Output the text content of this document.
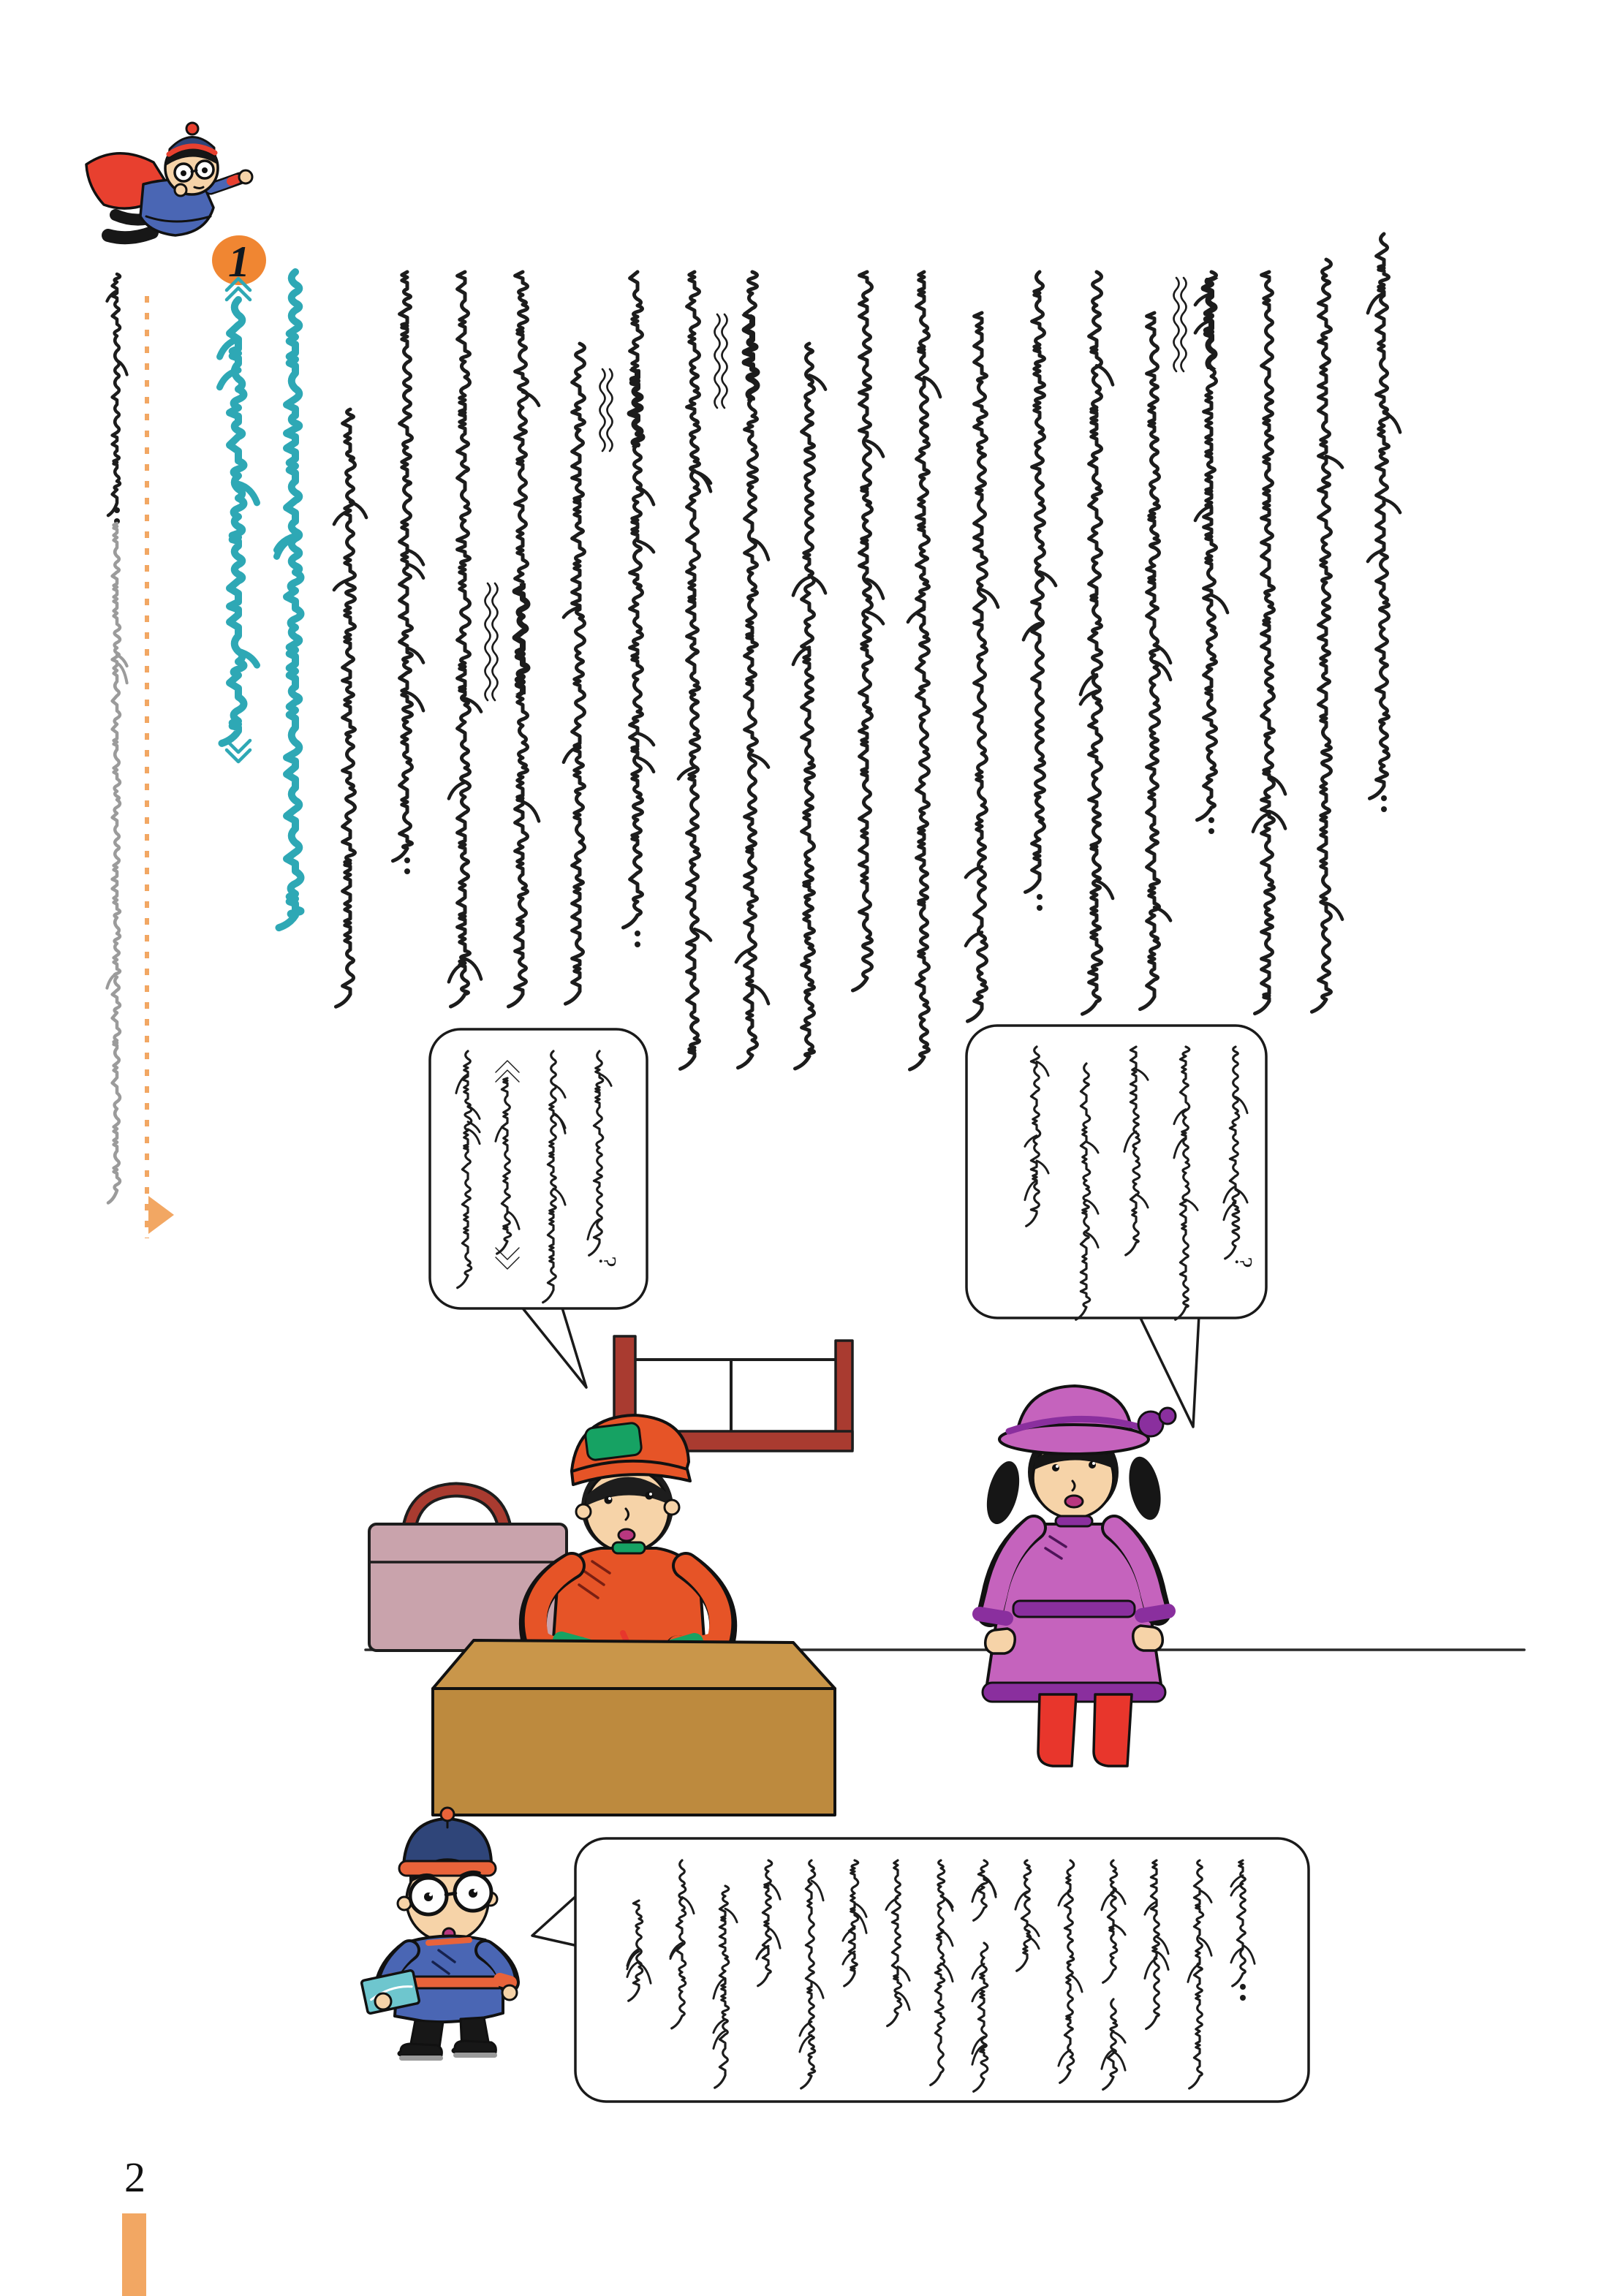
1
?	?
2
